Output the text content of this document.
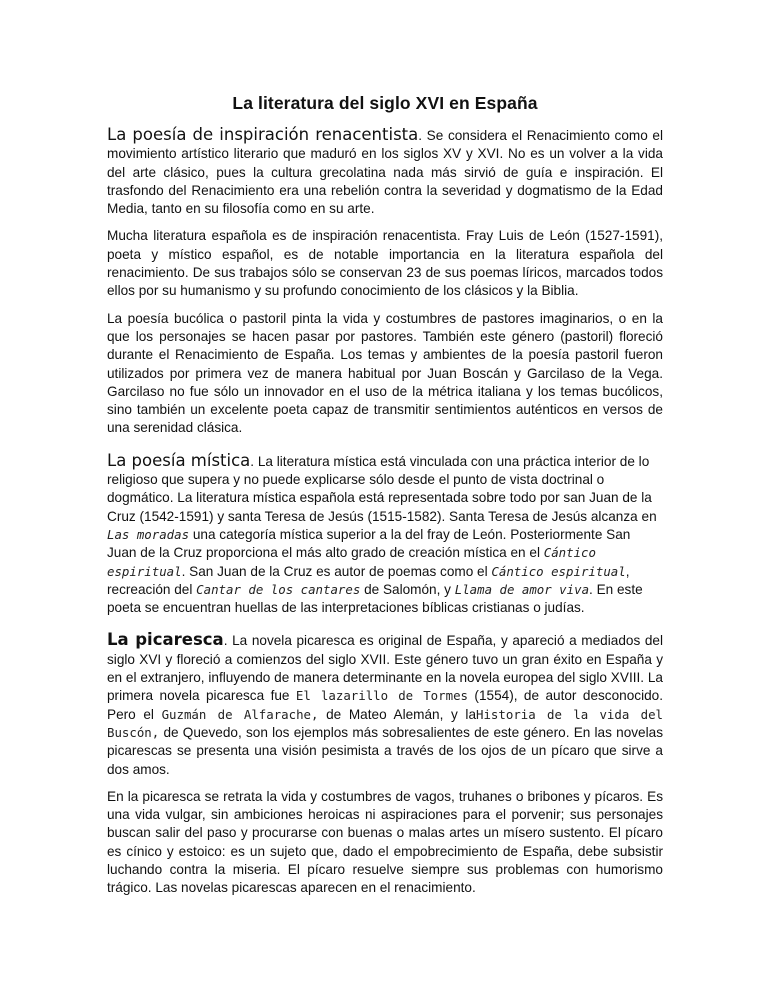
La literatura del siglo XVI en España

La poesía de inspiración renacentista. Se considera el Renacimiento como el movimiento artístico literario que maduró en los siglos XV y XVI. No es un volver a la vida del arte clásico, pues la cultura grecolatina nada más sirvió de guía e inspiración. El trasfondo del Renacimiento era una rebelión contra la severidad y dogmatismo de la Edad Media, tanto en su filosofía como en su arte.

Mucha literatura española es de inspiración renacentista. Fray Luis de León (1527-1591), poeta y místico español, es de notable importancia en la literatura española del renacimiento. De sus trabajos sólo se conservan 23 de sus poemas líricos, marcados todos ellos por su humanismo y su profundo conocimiento de los clásicos y la Biblia.

La poesía bucólica o pastoril pinta la vida y costumbres de pastores imaginarios, o en la que los personajes se hacen pasar por pastores. También este género (pastoril) floreció durante el Renacimiento de España. Los temas y ambientes de la poesía pastoril fueron utilizados por primera vez de manera habitual por Juan Boscán y Garcilaso de la Vega. Garcilaso no fue sólo un innovador en el uso de la métrica italiana y los temas bucólicos, sino también un excelente poeta capaz de transmitir sentimientos auténticos en versos de una serenidad clásica.

La poesía mística. La literatura mística está vinculada con una práctica interior de lo religioso que supera y no puede explicarse sólo desde el punto de vista doctrinal o dogmático. La literatura mística española está representada sobre todo por san Juan de la Cruz (1542-1591) y santa Teresa de Jesús (1515-1582). Santa Teresa de Jesús alcanza en Las moradas una categoría mística superior a la del fray de León. Posteriormente San Juan de la Cruz proporciona el más alto grado de creación mística en el Cántico espiritual. San Juan de la Cruz es autor de poemas como el Cántico espiritual, recreación del Cantar de los cantares de Salomón, y Llama de amor viva. En este poeta se encuentran huellas de las interpretaciones bíblicas cristianas o judías.

La picaresca. La novela picaresca es original de España, y apareció a mediados del siglo XVI y floreció a comienzos del siglo XVII. Este género tuvo un gran éxito en España y en el extranjero, influyendo de manera determinante en la novela europea del siglo XVIII. La primera novela picaresca fue El lazarillo de Tormes (1554), de autor desconocido. Pero el Guzmán de Alfarache, de Mateo Alemán, y laHistoria de la vida del Buscón, de Quevedo, son los ejemplos más sobresalientes de este género. En las novelas picarescas se presenta una visión pesimista a través de los ojos de un pícaro que sirve a dos amos.

En la picaresca se retrata la vida y costumbres de vagos, truhanes o bribones y pícaros. Es una vida vulgar, sin ambiciones heroicas ni aspiraciones para el porvenir; sus personajes buscan salir del paso y procurarse con buenas o malas artes un mísero sustento. El pícaro es cínico y estoico: es un sujeto que, dado el empobrecimiento de España, debe subsistir luchando contra la miseria. El pícaro resuelve siempre sus problemas con humorismo trágico. Las novelas picarescas aparecen en el renacimiento.
